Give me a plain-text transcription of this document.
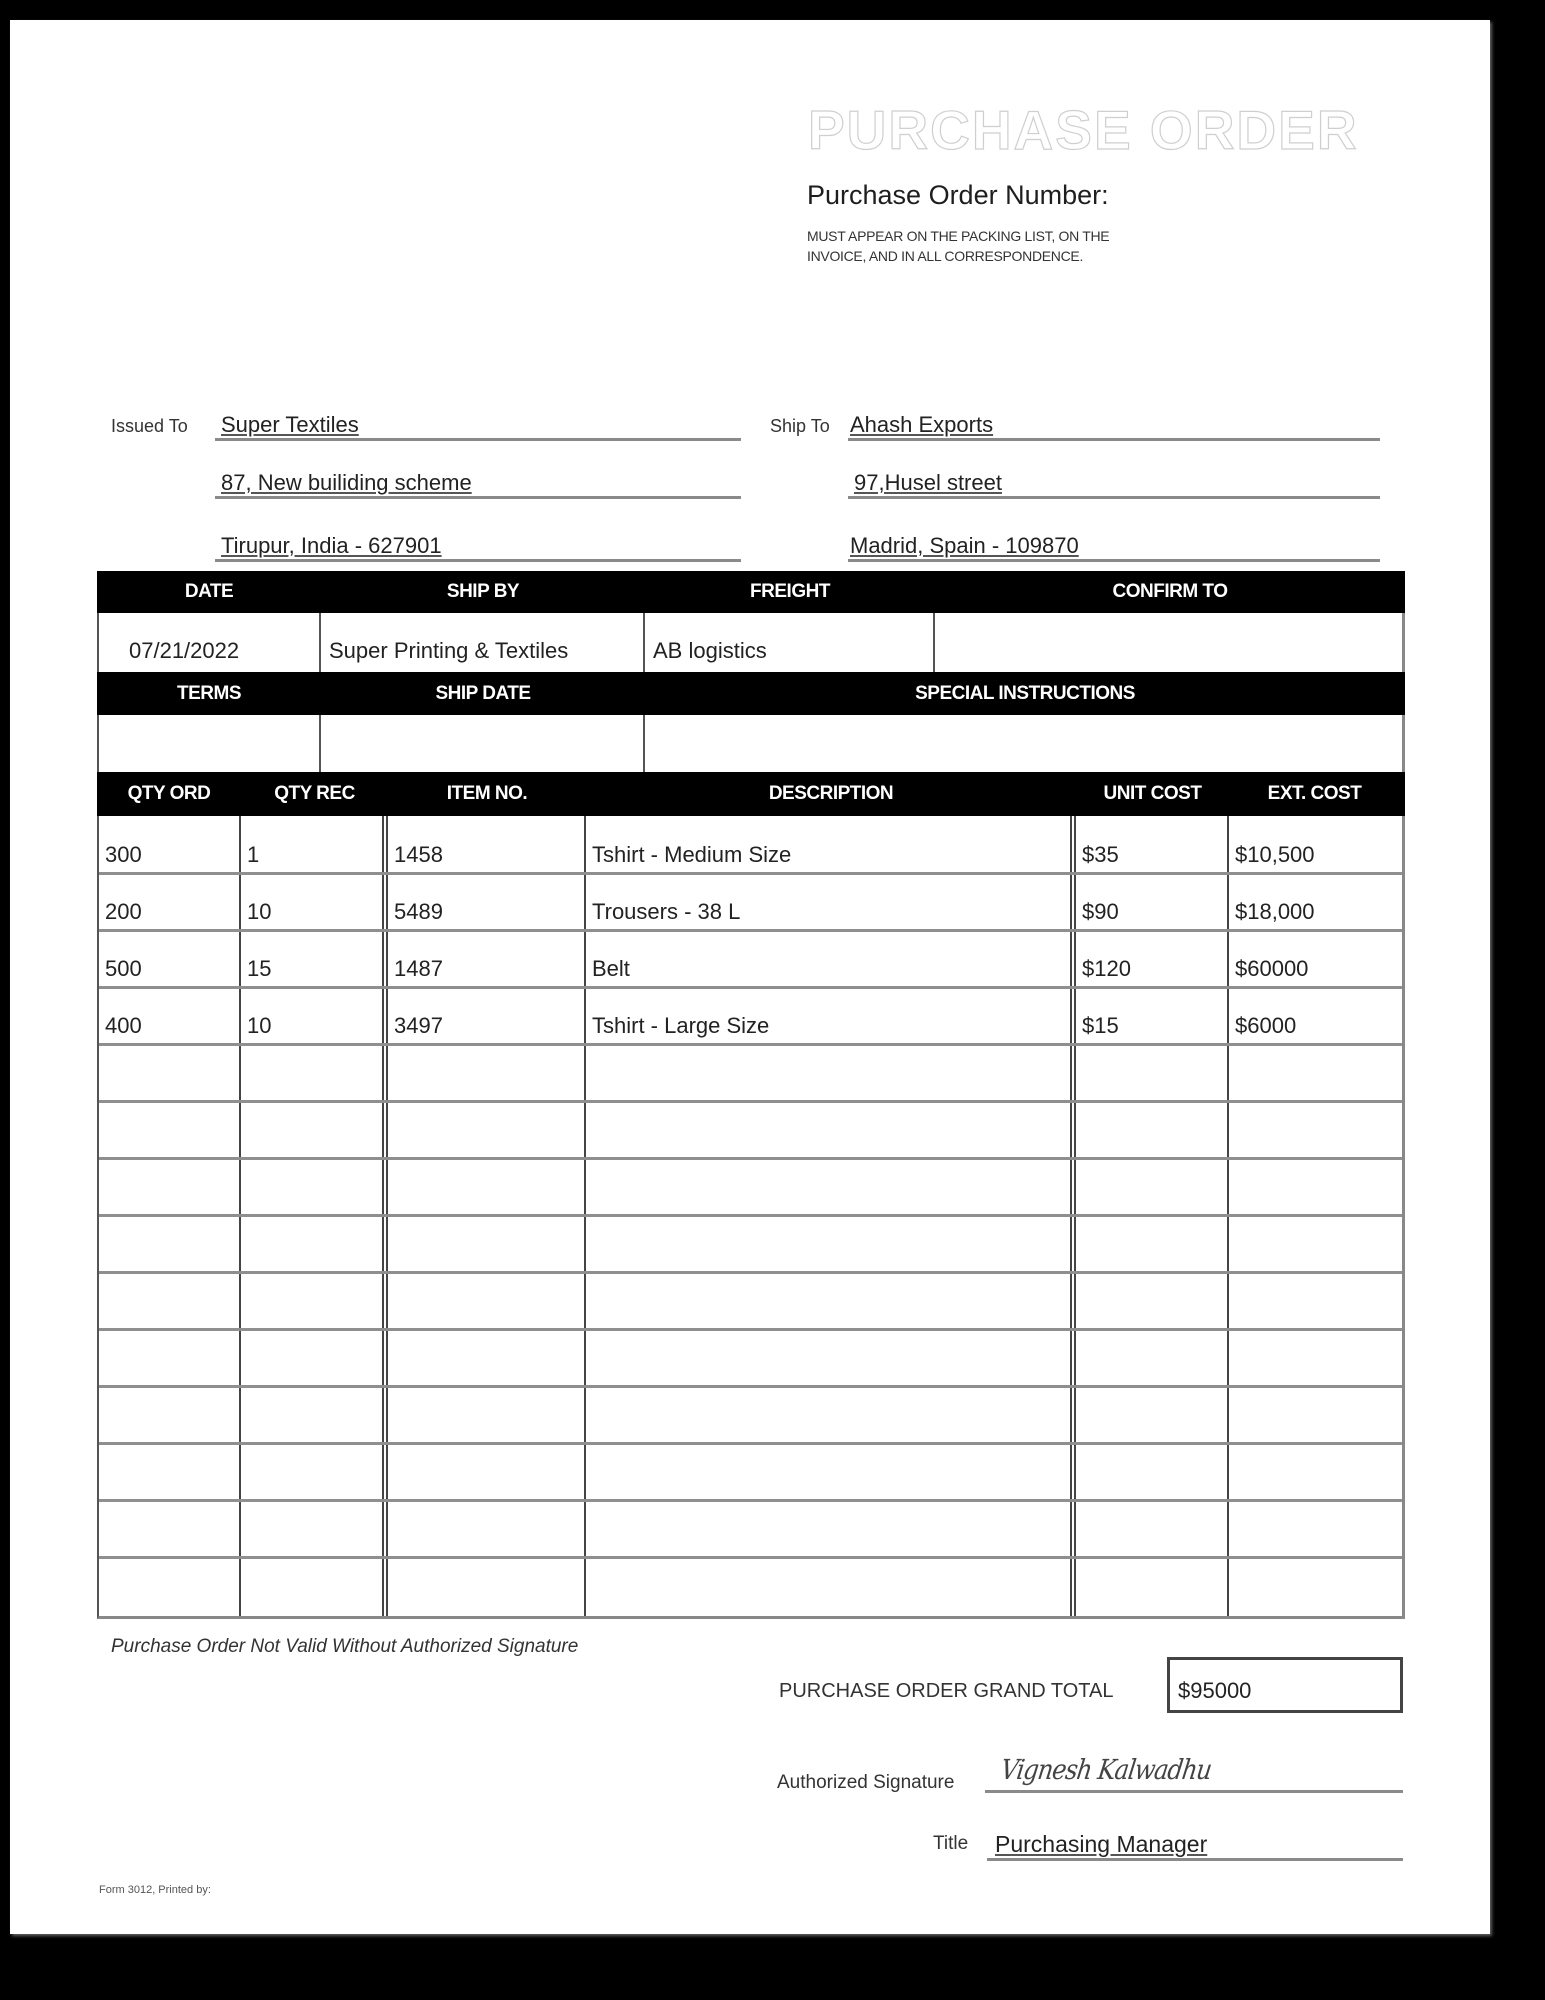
PURCHASE ORDER
Purchase Order Number:
MUST APPEAR ON THE PACKING LIST, ON THE INVOICE, AND IN ALL CORRESPONDENCE.
Issued To Super Textiles
87, New builiding scheme
Tirupur, India - 627901
Ship To Ahash Exports
97,Husel street
Madrid, Spain - 109870
DATE	SHIP BY	FREIGHT	CONFIRM TO
07/21/2022	Super Printing & Textiles	AB logistics
TERMS	SHIP DATE	SPECIAL INSTRUCTIONS
QTY ORD	QTY REC	ITEM NO.	DESCRIPTION	UNIT COST	EXT. COST
300	1	1458	Tshirt - Medium Size	$35	$10,500
200	10	5489	Trousers - 38 L	$90	$18,000
500	15	1487	Belt	$120	$60000
400	10	3497	Tshirt - Large Size	$15	$6000
Purchase Order Not Valid Without Authorized Signature
PURCHASE ORDER GRAND TOTAL	$95000
Authorized Signature Vignesh Kalwadhu
Title Purchasing Manager
Form 3012, Printed by:
